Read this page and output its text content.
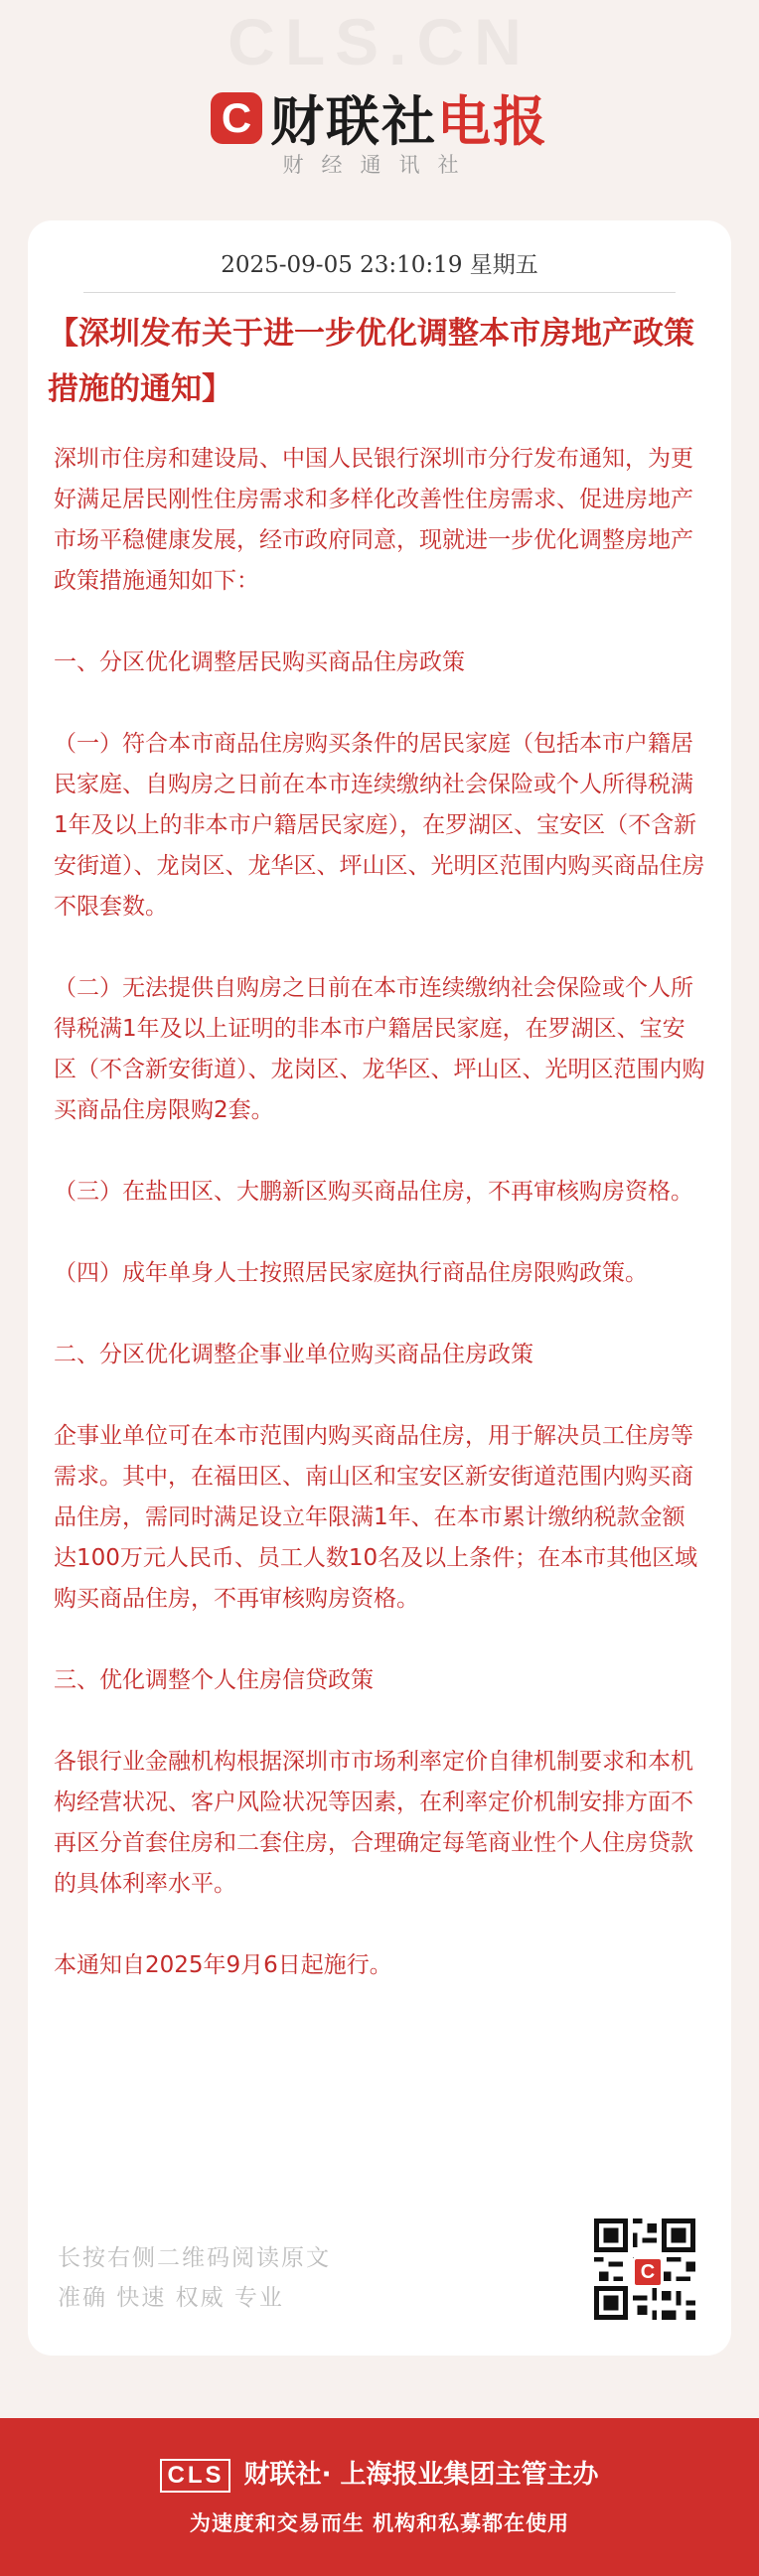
CLS.CN
C 财联社电报
财经通讯社
2025-09-05 23:10:19 星期五
【深圳发布关于进一步优化调整本市房地产政策措施的通知】

深圳市住房和建设局、中国人民银行深圳市分行发布通知，为更好满足居民刚性住房需求和多样化改善性住房需求、促进房地产市场平稳健康发展，经市政府同意，现就进一步优化调整房地产政策措施通知如下：

一、分区优化调整居民购买商品住房政策

（一）符合本市商品住房购买条件的居民家庭（包括本市户籍居民家庭、自购房之日前在本市连续缴纳社会保险或个人所得税满1年及以上的非本市户籍居民家庭），在罗湖区、宝安区（不含新安街道）、龙岗区、龙华区、坪山区、光明区范围内购买商品住房不限套数。

（二）无法提供自购房之日前在本市连续缴纳社会保险或个人所得税满1年及以上证明的非本市户籍居民家庭，在罗湖区、宝安区（不含新安街道）、龙岗区、龙华区、坪山区、光明区范围内购买商品住房限购2套。

（三）在盐田区、大鹏新区购买商品住房，不再审核购房资格。

（四）成年单身人士按照居民家庭执行商品住房限购政策。

二、分区优化调整企事业单位购买商品住房政策

企事业单位可在本市范围内购买商品住房，用于解决员工住房等需求。其中，在福田区、南山区和宝安区新安街道范围内购买商品住房，需同时满足设立年限满1年、在本市累计缴纳税款金额达100万元人民币、员工人数10名及以上条件；在本市其他区域购买商品住房，不再审核购房资格。

三、优化调整个人住房信贷政策

各银行业金融机构根据深圳市市场利率定价自律机制要求和本机构经营状况、客户风险状况等因素，在利率定价机制安排方面不再区分首套住房和二套住房，合理确定每笔商业性个人住房贷款的具体利率水平。

本通知自2025年9月6日起施行。

长按右侧二维码阅读原文
准确 快速 权威 专业
C
CLS 财联社· 上海报业集团主管主办
为速度和交易而生 机构和私募都在使用
